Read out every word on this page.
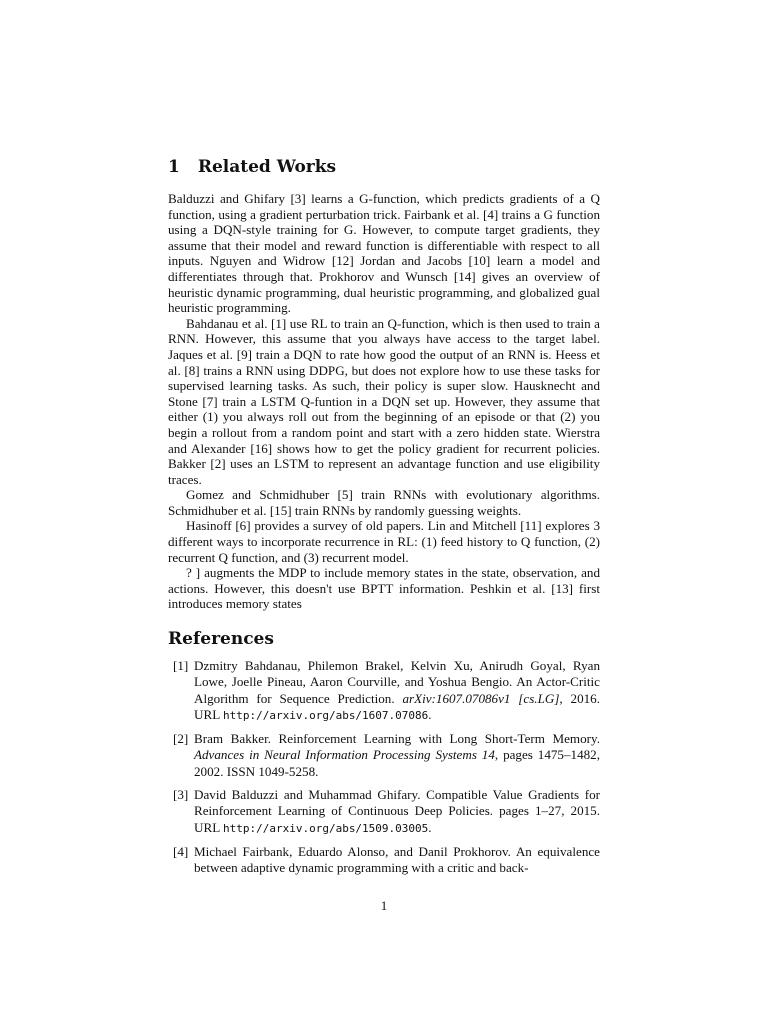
1 Related Works

Balduzzi and Ghifary [3] learns a G-function, which predicts gradients of a Q function, using a gradient perturbation trick. Fairbank et al. [4] trains a G function using a DQN-style training for G. However, to compute target gradients, they assume that their model and reward function is differentiable with respect to all inputs. Nguyen and Widrow [12] Jordan and Jacobs [10] learn a model and differentiates through that. Prokhorov and Wunsch [14] gives an overview of heuristic dynamic programming, dual heuristic programming, and globalized gual heuristic programming.

Bahdanau et al. [1] use RL to train an Q-function, which is then used to train a RNN. However, this assume that you always have access to the target label. Jaques et al. [9] train a DQN to rate how good the output of an RNN is. Heess et al. [8] trains a RNN using DDPG, but does not explore how to use these tasks for supervised learning tasks. As such, their policy is super slow. Hausknecht and Stone [7] train a LSTM Q-funtion in a DQN set up. However, they assume that either (1) you always roll out from the beginning of an episode or that (2) you begin a rollout from a random point and start with a zero hidden state. Wierstra and Alexander [16] shows how to get the policy gradient for recurrent policies. Bakker [2] uses an LSTM to represent an advantage function and use eligibility traces.

Gomez and Schmidhuber [5] train RNNs with evolutionary algorithms. Schmidhuber et al. [15] train RNNs by randomly guessing weights.

Hasinoff [6] provides a survey of old papers. Lin and Mitchell [11] explores 3 different ways to incorporate recurrence in RL: (1) feed history to Q function, (2) recurrent Q function, and (3) recurrent model.

? ] augments the MDP to include memory states in the state, observation, and actions. However, this doesn't use BPTT information. Peshkin et al. [13] first introduces memory states

References
[1] Dzmitry Bahdanau, Philemon Brakel, Kelvin Xu, Anirudh Goyal, Ryan Lowe, Joelle Pineau, Aaron Courville, and Yoshua Bengio. An Actor-Critic Algorithm for Sequence Prediction. arXiv:1607.07086v1 [cs.LG], 2016. URL http://arxiv.org/abs/1607.07086.
[2] Bram Bakker. Reinforcement Learning with Long Short-Term Memory. Advances in Neural Information Processing Systems 14, pages 1475–1482, 2002. ISSN 1049-5258.
[3] David Balduzzi and Muhammad Ghifary. Compatible Value Gradients for Reinforcement Learning of Continuous Deep Policies. pages 1–27, 2015. URL http://arxiv.org/abs/1509.03005.
[4] Michael Fairbank, Eduardo Alonso, and Danil Prokhorov. An equivalence between adaptive dynamic programming with a critic and back-
1
